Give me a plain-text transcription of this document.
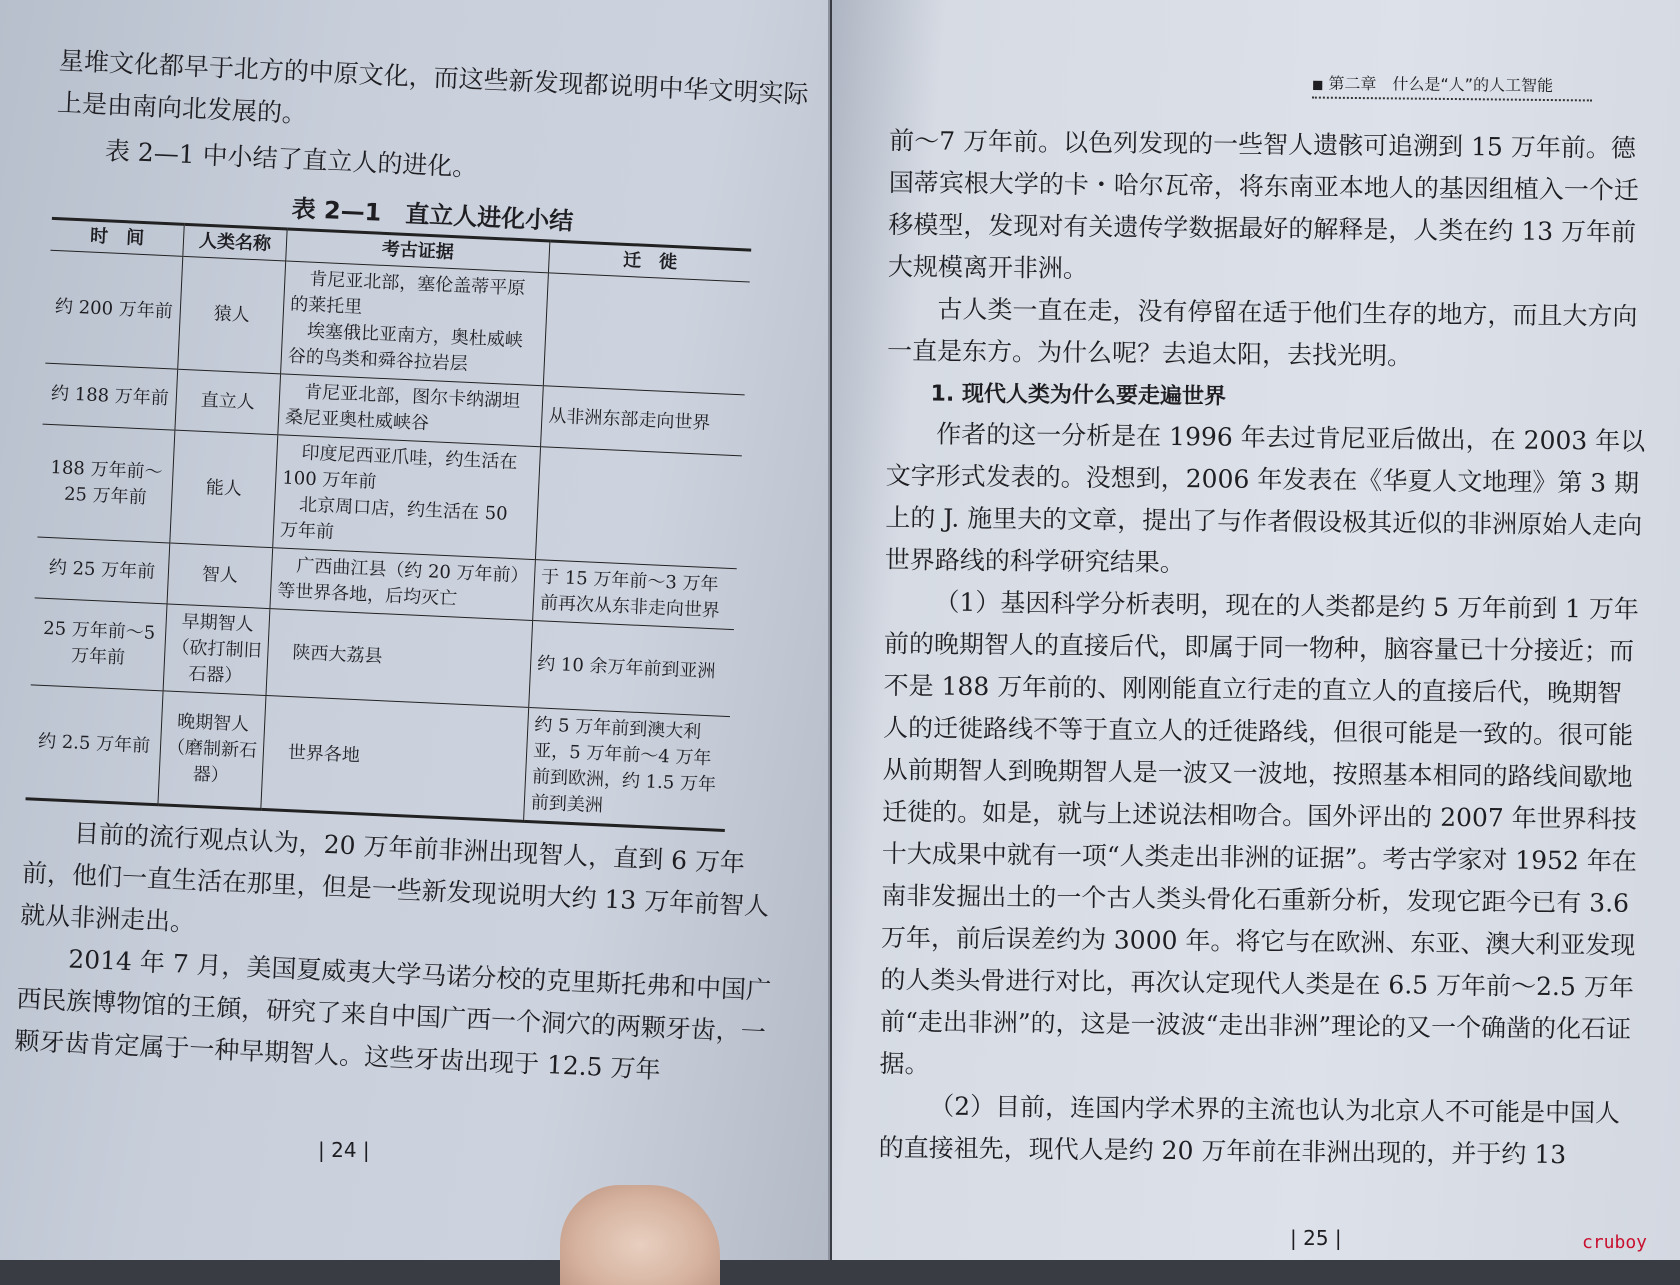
星堆文化都早于北方的中原文化，而这些新发现都说明中华文明实际上是由南向北发展的。

表 2—1 中小结了直立人的进化。

表 2—1　直立人进化小结
时　间	人类名称	考古证据	迁　徙
约 200 万年前	猿人	肯尼亚北部，塞伦盖蒂平原的莱托里
埃塞俄比亚南方，奥杜威峡谷的鸟类和舜谷拉岩层	

约 188 万年前	直立人	肯尼亚北部，图尔卡纳湖坦桑尼亚奥杜威峡谷	从非洲东部走向世界
188 万年前～25 万年前	能人	印度尼西亚爪哇，约生活在 100 万年前
北京周口店，约生活在 50 万年前	

约 25 万年前	智人	广西曲江县（约 20 万年前）等世界各地，后均灭亡	于 15 万年前～3 万年前再次从东非走向世界
25 万年前～5 万年前	早期智人（砍打制旧石器）	陕西大荔县	约 10 余万年前到亚洲
约 2.5 万年前	晚期智人（磨制新石器）	世界各地	约 5 万年前到澳大利亚，5 万年前～4 万年前到欧洲，约 1.5 万年前到美洲

目前的流行观点认为，20 万年前非洲出现智人，直到 6 万年前，他们一直生活在那里，但是一些新发现说明大约 13 万年前智人就从非洲走出。

2014 年 7 月，美国夏威夷大学马诺分校的克里斯托弗和中国广西民族博物馆的王頠，研究了来自中国广西一个洞穴的两颗牙齿，一颗牙齿肯定属于一种早期智人。这些牙齿出现于 12.5 万年

| 24 |
■ 第二章　什么是“人”的人工智能

前～7 万年前。以色列发现的一些智人遗骸可追溯到 15 万年前。德国蒂宾根大学的卡・哈尔瓦帝，将东南亚本地人的基因组植入一个迁移模型，发现对有关遗传学数据最好的解释是，人类在约 13 万年前大规模离开非洲。

古人类一直在走，没有停留在适于他们生存的地方，而且大方向一直是东方。为什么呢？去追太阳，去找光明。

1. 现代人类为什么要走遍世界

作者的这一分析是在 1996 年去过肯尼亚后做出，在 2003 年以文字形式发表的。没想到，2006 年发表在《华夏人文地理》第 3 期上的 J. 施里夫的文章，提出了与作者假设极其近似的非洲原始人走向世界路线的科学研究结果。

（1）基因科学分析表明，现在的人类都是约 5 万年前到 1 万年前的晚期智人的直接后代，即属于同一物种，脑容量已十分接近；而不是 188 万年前的、刚刚能直立行走的直立人的直接后代，晚期智人的迁徙路线不等于直立人的迁徙路线，但很可能是一致的。很可能从前期智人到晚期智人是一波又一波地，按照基本相同的路线间歇地迁徙的。如是，就与上述说法相吻合。国外评出的 2007 年世界科技十大成果中就有一项“人类走出非洲的证据”。考古学家对 1952 年在南非发掘出土的一个古人类头骨化石重新分析，发现它距今已有 3.6 万年，前后误差约为 3000 年。将它与在欧洲、东亚、澳大利亚发现的人类头骨进行对比，再次认定现代人类是在 6.5 万年前～2.5 万年前“走出非洲”的，这是一波波“走出非洲”理论的又一个确凿的化石证据。

（2）目前，连国内学术界的主流也认为北京人不可能是中国人的直接祖先，现代人是约 20 万年前在非洲出现的，并于约 13

| 25 |	cruboy
